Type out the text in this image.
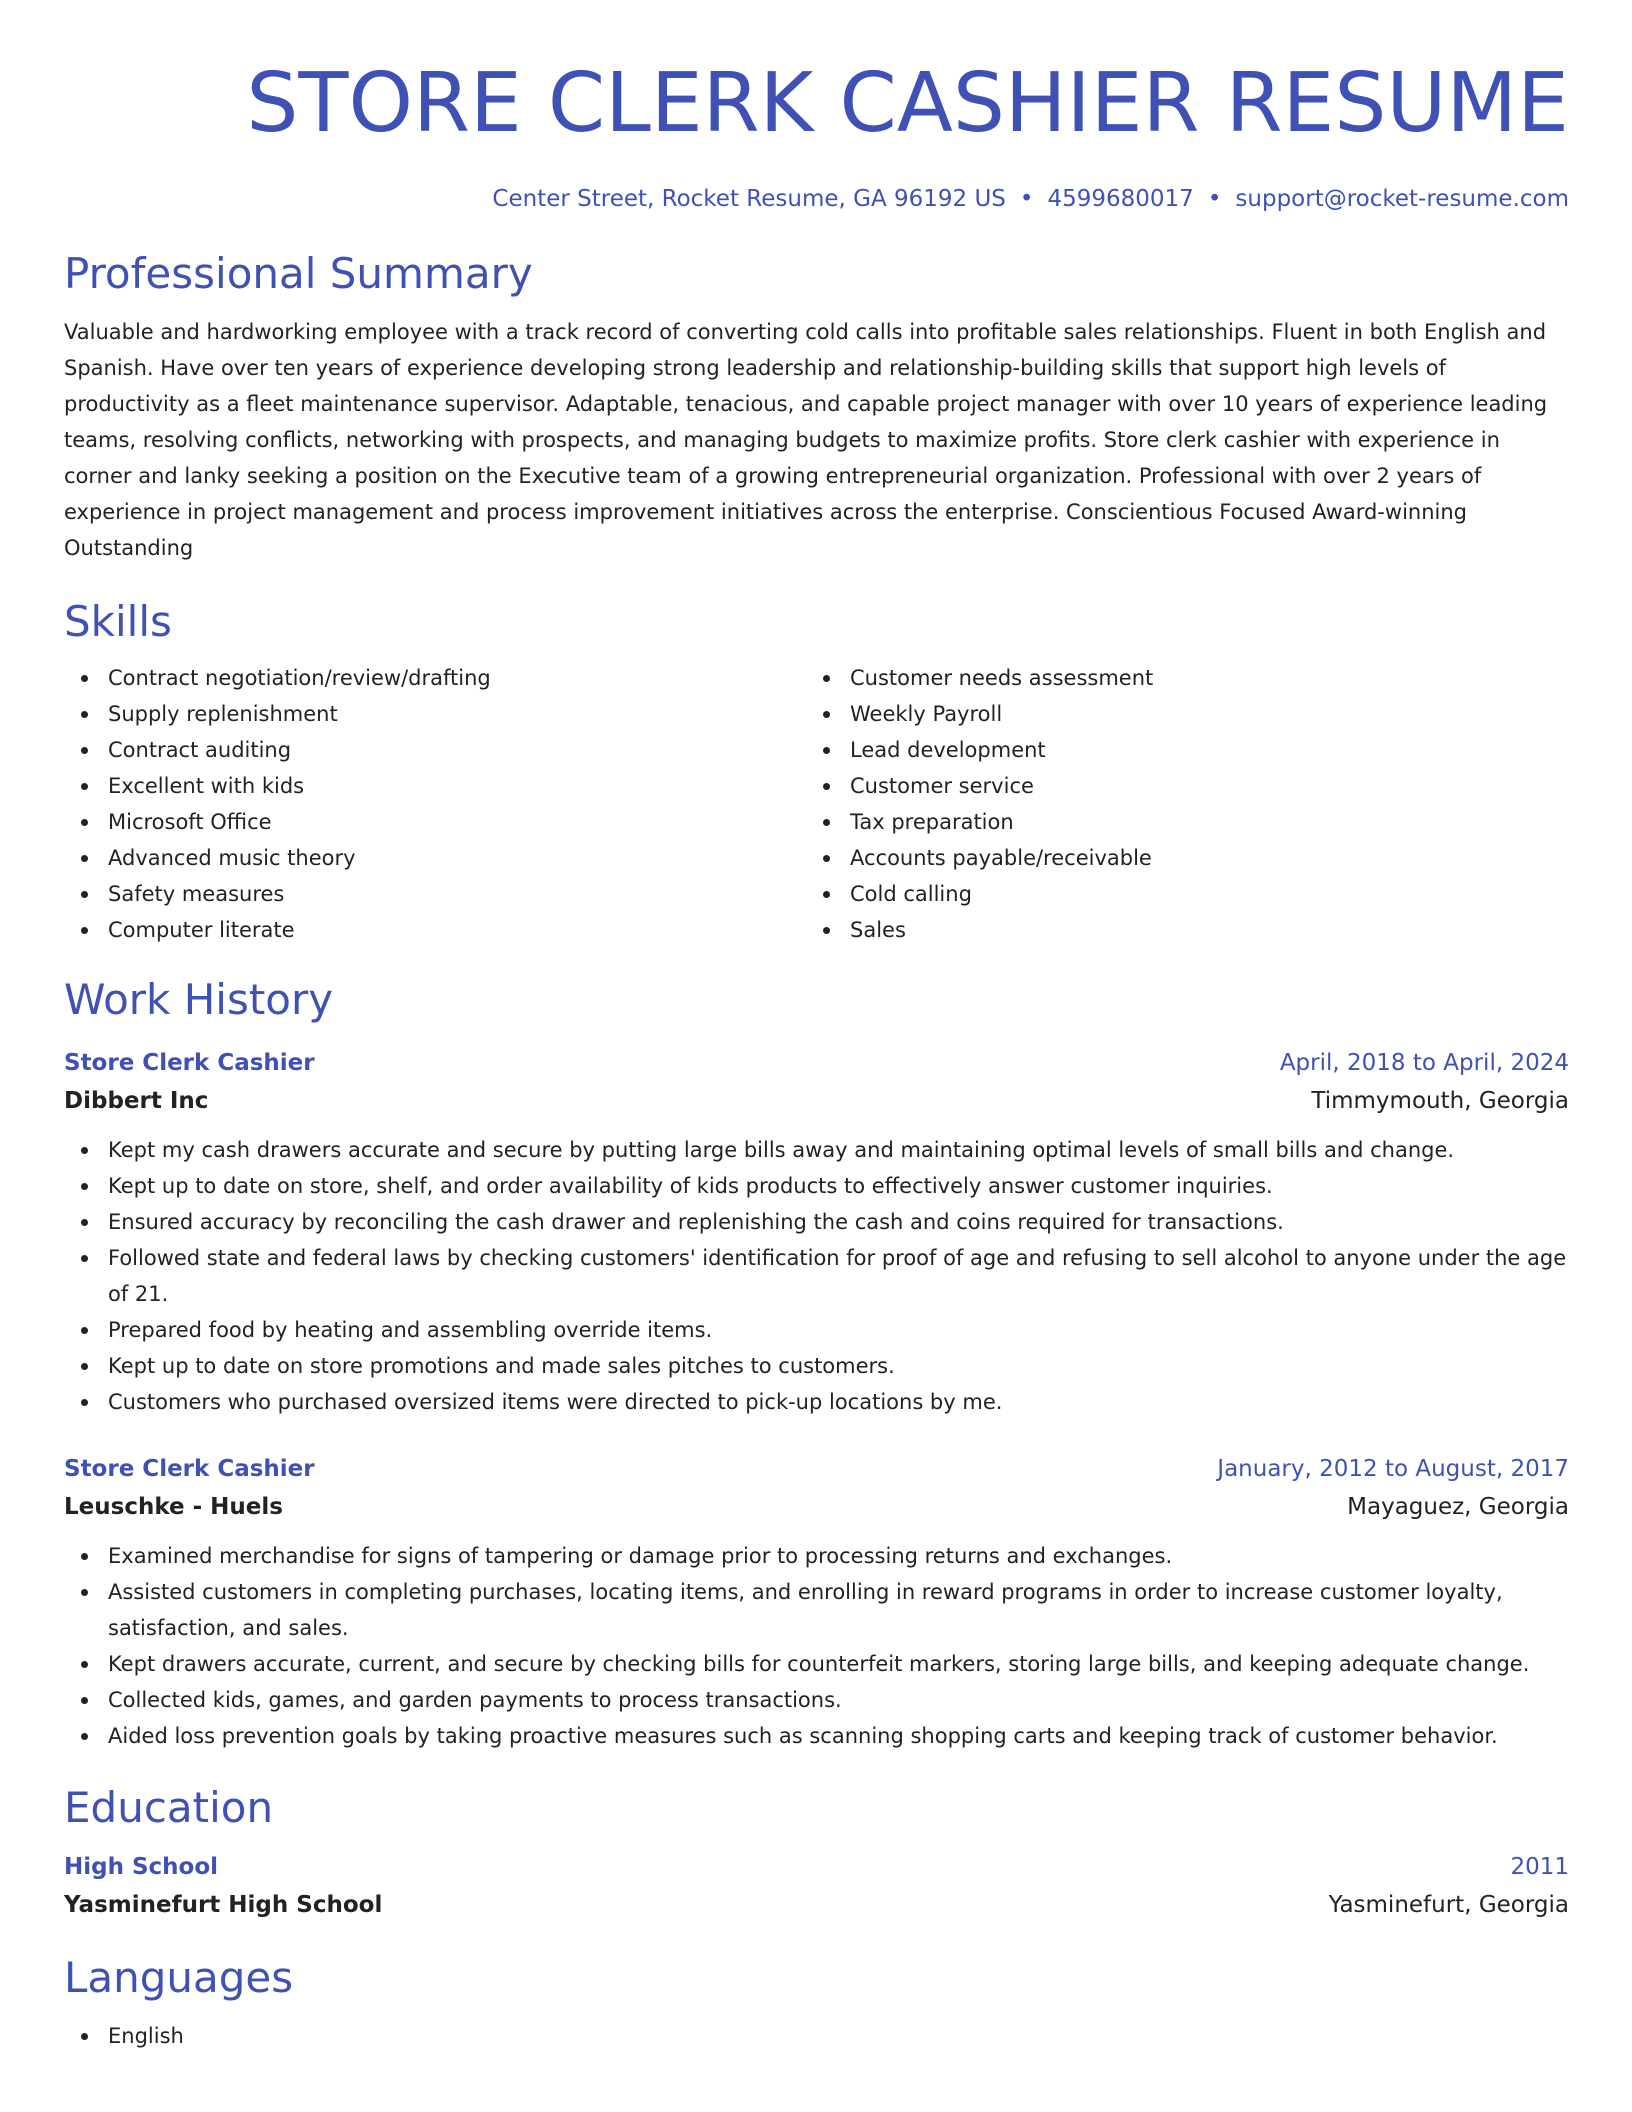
STORE CLERK CASHIER RESUME
Center Street, Rocket Resume, GA 96192 US • 4599680017 • support@rocket-resume.com
Professional Summary

Valuable and hardworking employee with a track record of converting cold calls into profitable sales relationships. Fluent in both English and Spanish. Have over ten years of experience developing strong leadership and relationship-building skills that support high levels of productivity as a fleet maintenance supervisor. Adaptable, tenacious, and capable project manager with over 10 years of experience leading teams, resolving conflicts, networking with prospects, and managing budgets to maximize profits. Store clerk cashier with experience in corner and lanky seeking a position on the Executive team of a growing entrepreneurial organization. Professional with over 2 years of experience in project management and process improvement initiatives across the enterprise. Conscientious Focused Award-winning Outstanding

Skills
Contract negotiation/review/drafting
Supply replenishment
Contract auditing
Excellent with kids
Microsoft Office
Advanced music theory
Safety measures
Computer literate
Customer needs assessment
Weekly Payroll
Lead development
Customer service
Tax preparation
Accounts payable/receivable
Cold calling
Sales
Work History
Store Clerk Cashier	April, 2018 to April, 2024
Dibbert Inc	Timmymouth, Georgia
Kept my cash drawers accurate and secure by putting large bills away and maintaining optimal levels of small bills and change.
Kept up to date on store, shelf, and order availability of kids products to effectively answer customer inquiries.
Ensured accuracy by reconciling the cash drawer and replenishing the cash and coins required for transactions.
Followed state and federal laws by checking customers' identification for proof of age and refusing to sell alcohol to anyone under the age of 21.
Prepared food by heating and assembling override items.
Kept up to date on store promotions and made sales pitches to customers.
Customers who purchased oversized items were directed to pick-up locations by me.
Store Clerk Cashier	January, 2012 to August, 2017
Leuschke - Huels	Mayaguez, Georgia
Examined merchandise for signs of tampering or damage prior to processing returns and exchanges.
Assisted customers in completing purchases, locating items, and enrolling in reward programs in order to increase customer loyalty, satisfaction, and sales.
Kept drawers accurate, current, and secure by checking bills for counterfeit markers, storing large bills, and keeping adequate change.
Collected kids, games, and garden payments to process transactions.
Aided loss prevention goals by taking proactive measures such as scanning shopping carts and keeping track of customer behavior.
Education
High School	2011
Yasminefurt High School	Yasminefurt, Georgia
Languages
English
